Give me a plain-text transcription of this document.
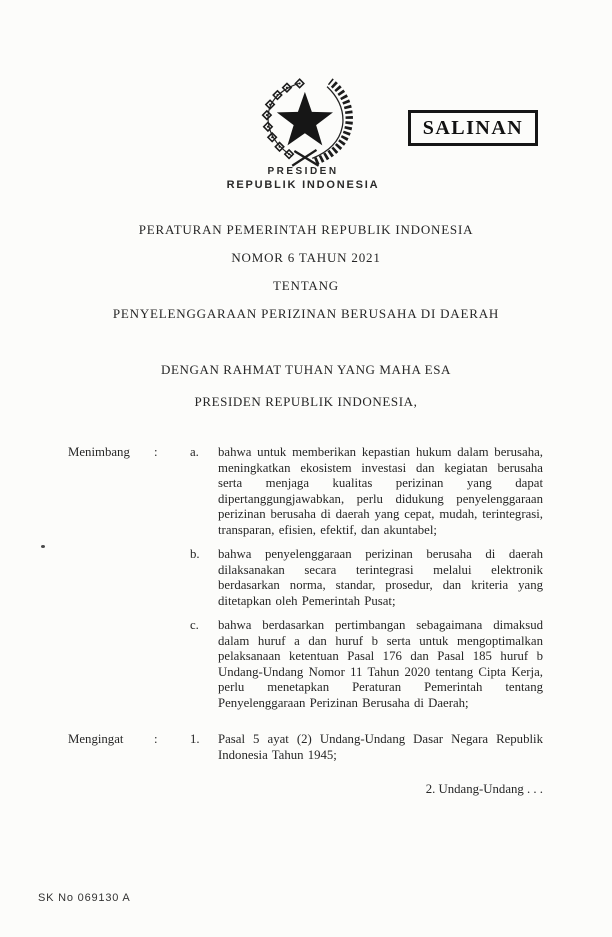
PRESIDEN
REPUBLIK INDONESIA
SALINAN
PERATURAN PEMERINTAH REPUBLIK INDONESIA
NOMOR 6 TAHUN 2021
TENTANG
PENYELENGGARAAN PERIZINAN BERUSAHA DI DAERAH
DENGAN RAHMAT TUHAN YANG MAHA ESA
PRESIDEN REPUBLIK INDONESIA,
Menimbang	:	a.	bahwa untuk memberikan kepastian hukum dalam berusaha, meningkatkan ekosistem investasi dan kegiatan berusaha serta menjaga kualitas perizinan yang dapat dipertanggungjawabkan, perlu didukung penyelenggaraan perizinan berusaha di daerah yang cepat, mudah, terintegrasi, transparan, efisien, efektif, dan akuntabel;
b.	bahwa penyelenggaraan perizinan berusaha di daerah dilaksanakan secara terintegrasi melalui elektronik berdasarkan norma, standar, prosedur, dan kriteria yang ditetapkan oleh Pemerintah Pusat;
c.	bahwa berdasarkan pertimbangan sebagaimana dimaksud dalam huruf a dan huruf b serta untuk mengoptimalkan pelaksanaan ketentuan Pasal 176 dan Pasal 185 huruf b Undang-Undang Nomor 11 Tahun 2020 tentang Cipta Kerja, perlu menetapkan Peraturan Pemerintah tentang Penyelenggaraan Perizinan Berusaha di Daerah;
Mengingat	:	1.	Pasal 5 ayat (2) Undang-Undang Dasar Negara Republik Indonesia Tahun 1945;
2. Undang-Undang . . .
SK No 069130 A
